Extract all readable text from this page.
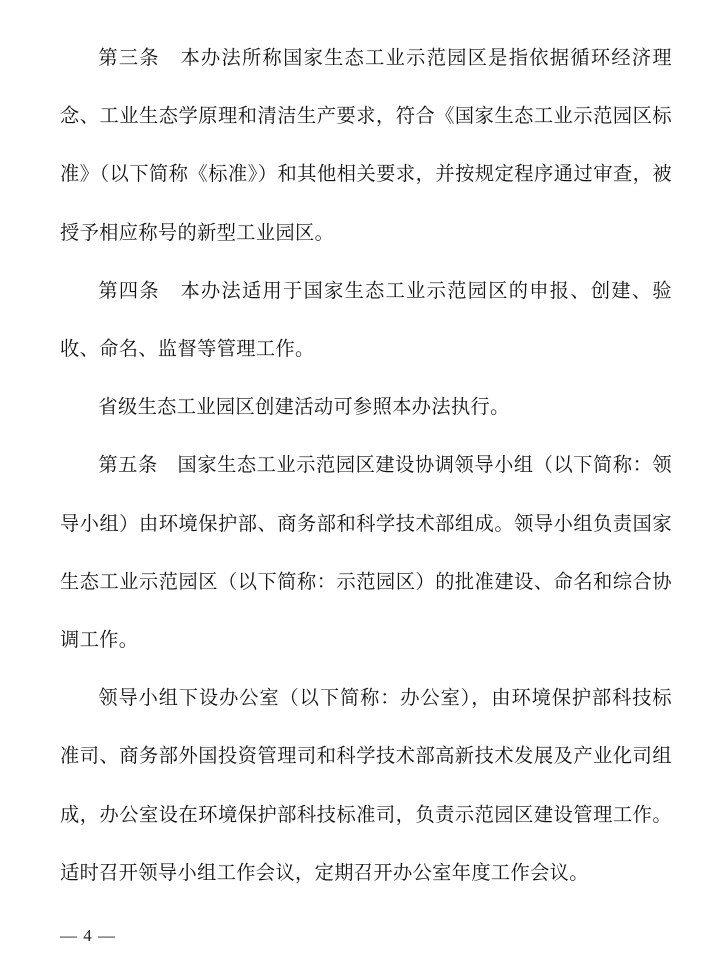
第三条　本办法所称国家生态工业示范园区是指依据循环经济理念、工业生态学原理和清洁生产要求，符合《国家生态工业示范园区标准》（以下简称《标准》）和其他相关要求，并按规定程序通过审查，被授予相应称号的新型工业园区。

第四条　本办法适用于国家生态工业示范园区的申报、创建、验收、命名、监督等管理工作。

省级生态工业园区创建活动可参照本办法执行。

第五条　国家生态工业示范园区建设协调领导小组（以下简称：领导小组）由环境保护部、商务部和科学技术部组成。领导小组负责国家生态工业示范园区（以下简称：示范园区）的批准建设、命名和综合协调工作。

领导小组下设办公室（以下简称：办公室），由环境保护部科技标准司、商务部外国投资管理司和科学技术部高新技术发展及产业化司组成，办公室设在环境保护部科技标准司，负责示范园区建设管理工作。适时召开领导小组工作会议，定期召开办公室年度工作会议。

— 4 —
